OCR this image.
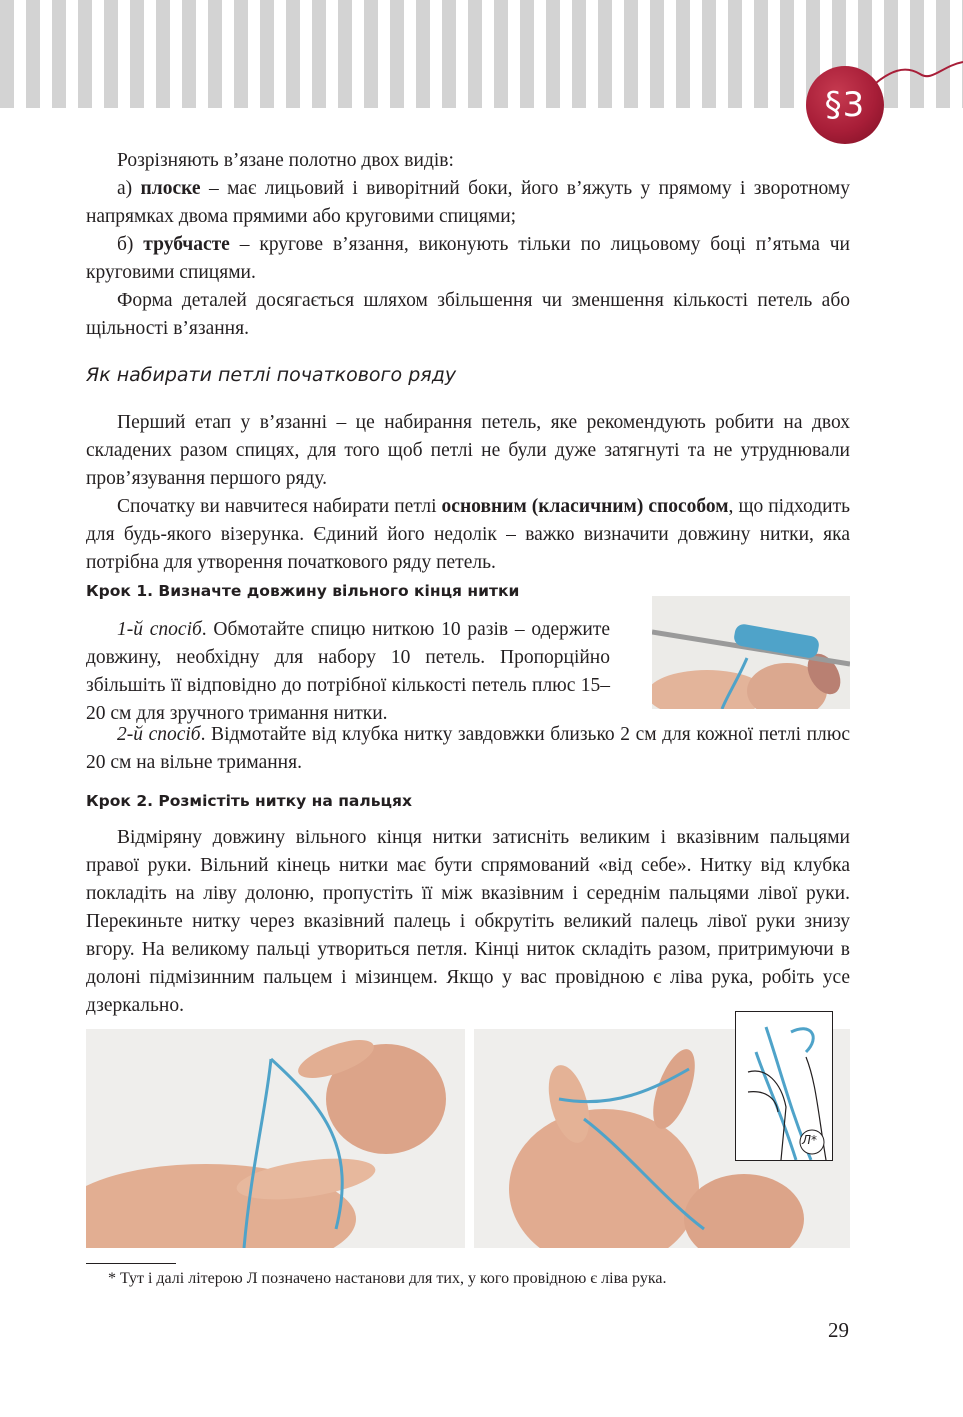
§3

Розрізняють в’язане полотно двох видів:

а) плоске – має лицьовий і виворітний боки, його в’яжуть у прямому і зворотному напрямках двома прямими або круговими спицями;

б) трубчасте – кругове в’язання, виконують тільки по лицьовому боці п’ятьма чи круговими спицями.

Форма деталей досягається шляхом збільшення чи зменшення кількості петель або щільності в’язання.

Як набирати петлі початкового ряду

Перший етап у в’язанні – це набирання петель, яке рекомендують робити на двох складених разом спицях, для того щоб петлі не були дуже затягнуті та не утруднювали пров’язування першого ряду.

Спочатку ви навчитеся набирати петлі основним (класичним) способом, що підходить для будь-якого візерунка. Єдиний його недолік – важко визначити довжину нитки, яка потрібна для утворення початкового ряду петель.

Крок 1. Визначте довжину вільного кінця нитки

1-й спосіб. Обмотайте спицю ниткою 10 разів – одержите довжину, необхідну для набору 10 петель. Пропорційно збільшіть її відповідно до потрібної кількості петель плюс 15–20 см для зручного тримання нитки.

2-й спосіб. Відмотайте від клубка нитку завдовжки близько 2 см для кожної петлі плюс 20 см на вільне тримання.

Крок 2. Розмістіть нитку на пальцях

Відміряну довжину вільного кінця нитки затисніть великим і вказівним пальцями правої руки. Вільний кінець нитки має бути спрямований «від себе». Нитку від клубка покладіть на ліву долоню, пропустіть її між вказівним і середнім пальцями лівої руки. Перекиньте нитку через вказівний палець і обкрутіть великий палець лівої руки знизу вгору. На великому пальці утвориться петля. Кінці ниток складіть разом, притримуючи в долоні підмізинним пальцем і мізинцем. Якщо у вас провідною є ліва рука, робіть усе дзеркально.

Л*
* Тут і далі літерою Л позначено настанови для тих, у кого провідною є ліва рука.
29
